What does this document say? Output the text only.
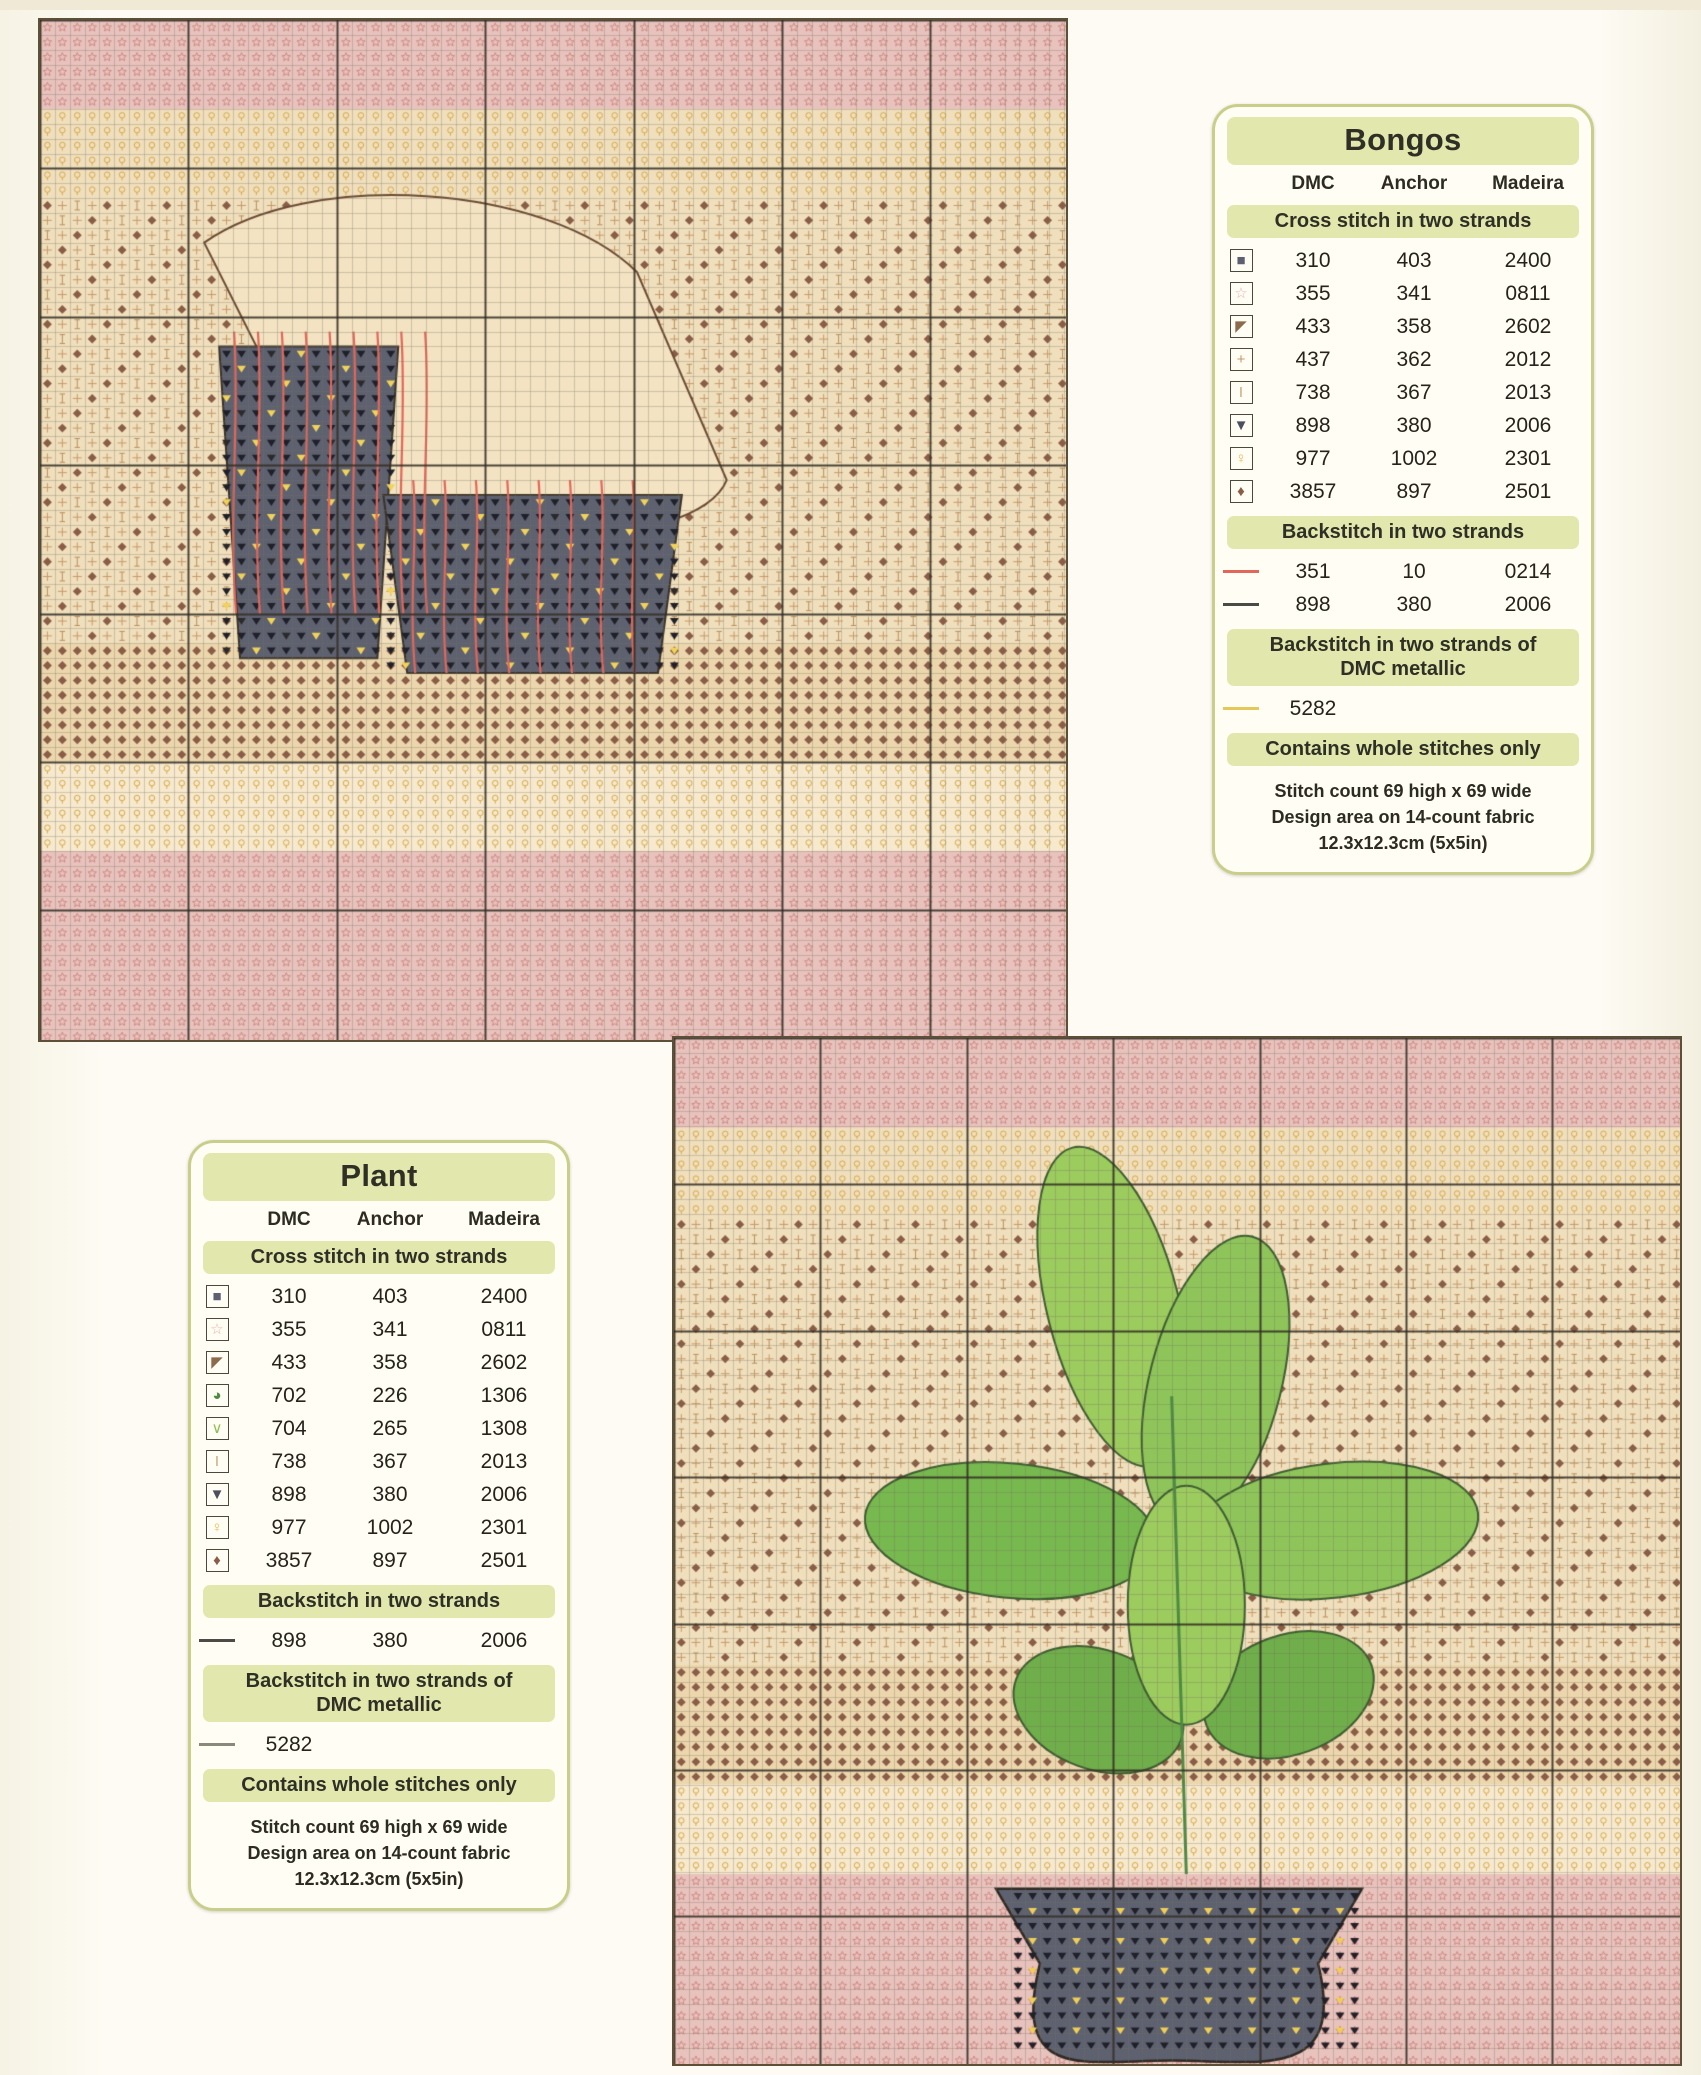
Bongos
DMC	Anchor	Madeira
Cross stitch in two strands
■	310	403	2400
☆	355	341	0811
◤	433	358	2602
+	437	362	2012
I	738	367	2013
▼	898	380	2006
♀	977	1002	2301
♦	3857	897	2501
Backstitch in two strands
351	10	0214
898	380	2006
Backstitch in two strands of
DMC metallic
5282
Contains whole stitches only
Stitch count 69 high x 69 wide
Design area on 14-count fabric
12.3x12.3cm (5x5in)
Plant
DMC	Anchor	Madeira
Cross stitch in two strands
■	310	403	2400
☆	355	341	0811
◤	433	358	2602
◕	702	226	1306
∨	704	265	1308
I	738	367	2013
▼	898	380	2006
♀	977	1002	2301
♦	3857	897	2501
Backstitch in two strands
898	380	2006
Backstitch in two strands of
DMC metallic
5282
Contains whole stitches only
Stitch count 69 high x 69 wide
Design area on 14-count fabric
12.3x12.3cm (5x5in)
